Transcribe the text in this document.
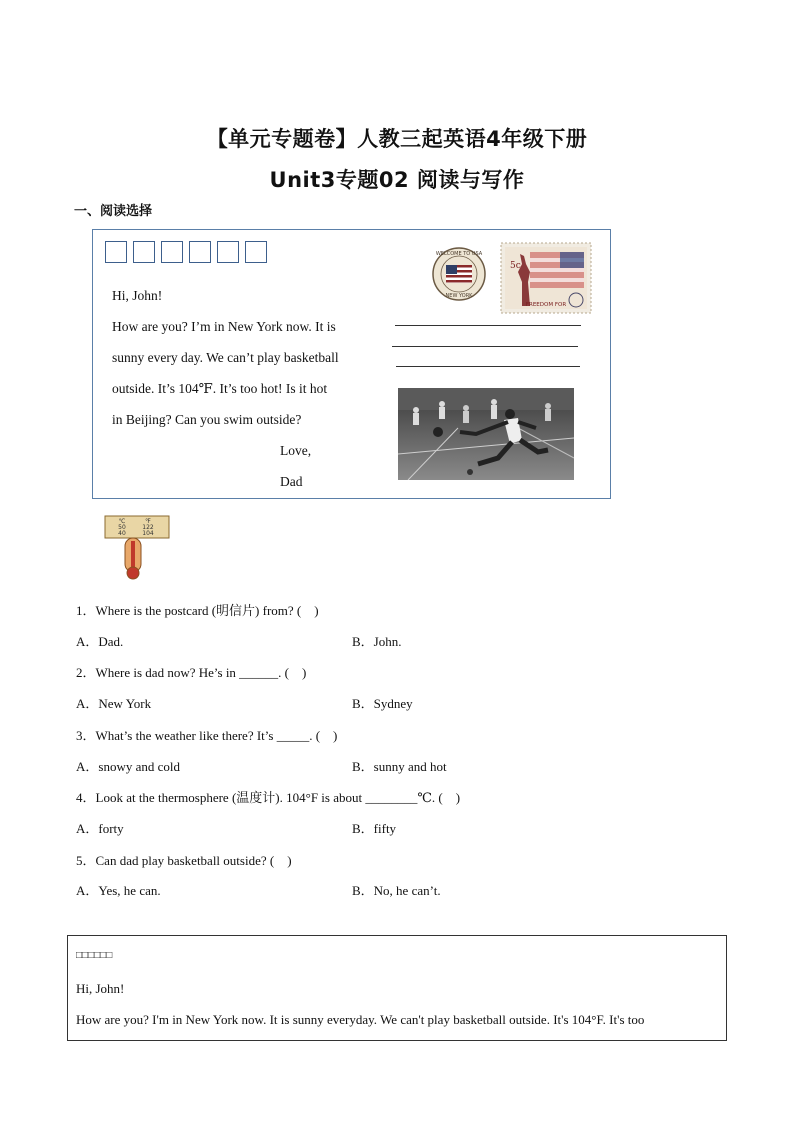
【单元专题卷】人教三起英语4年级下册
Unit3专题02 阅读与写作
一、阅读选择
Hi, John!
How are you? I’m in New York now. It is
sunny every day. We can’t play basketball
outside. It’s 104℉. It’s too hot! Is it hot
in Beijing? Can you swim outside?
Love,
Dad
WELCOME TO USA
NEW YORK
5c
FREEDOM FOR
℃	℉
50	122
40	104
1．Where is the postcard (明信片) from? (　)
A．Dad.	B．John.
2．Where is dad now? He’s in ______. (　)
A．New York	B．Sydney
3．What’s the weather like there? It’s _____. (　)
A．snowy and cold	B．sunny and hot
4．Look at the thermosphere (温度计). 104°F is about ________℃. (　)
A．forty	B．fifty
5．Can dad play basketball outside? (　)
A．Yes, he can.	B．No, he can’t.
□□□□□□
Hi, John!
How are you? I'm in New York now. It is sunny everyday. We can't play basketball outside. It's 104°F. It's too
